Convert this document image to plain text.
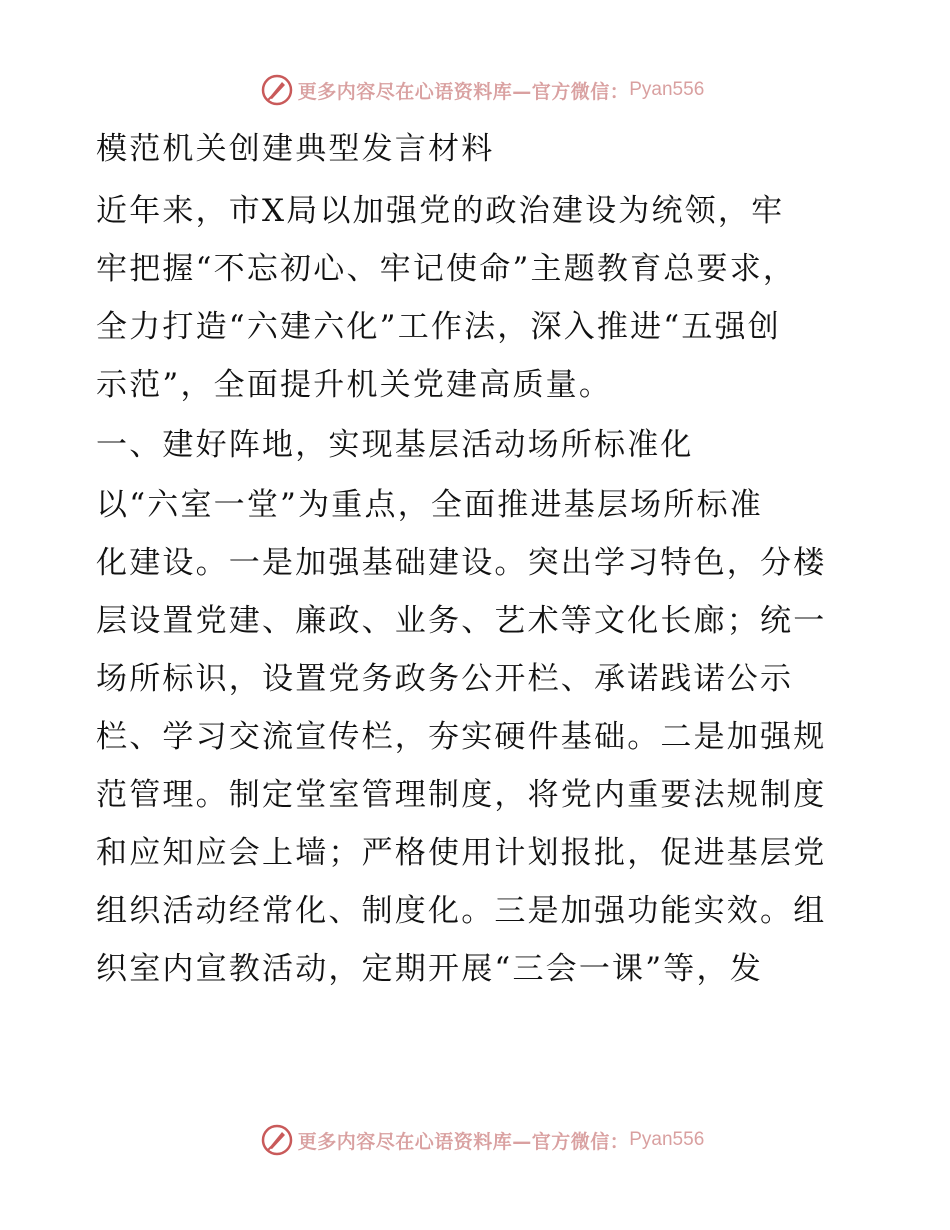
更多内容尽在心语资料库—官方微信： Pyan556
模范机关创建典型发言材料
近年来，市X局以加强党的政治建设为统领，牢
牢把握“不忘初心、牢记使命”主题教育总要求，
全力打造“六建六化”工作法，深入推进“五强创
示范”，全面提升机关党建高质量。
一、建好阵地，实现基层活动场所标准化
以“六室一堂”为重点，全面推进基层场所标准
化建设。一是加强基础建设。突出学习特色，分楼
层设置党建、廉政、业务、艺术等文化长廊；统一
场所标识，设置党务政务公开栏、承诺践诺公示
栏、学习交流宣传栏，夯实硬件基础。二是加强规
范管理。制定堂室管理制度，将党内重要法规制度
和应知应会上墙；严格使用计划报批，促进基层党
组织活动经常化、制度化。三是加强功能实效。组
织室内宣教活动，定期开展“三会一课”等，发
更多内容尽在心语资料库—官方微信： Pyan556
